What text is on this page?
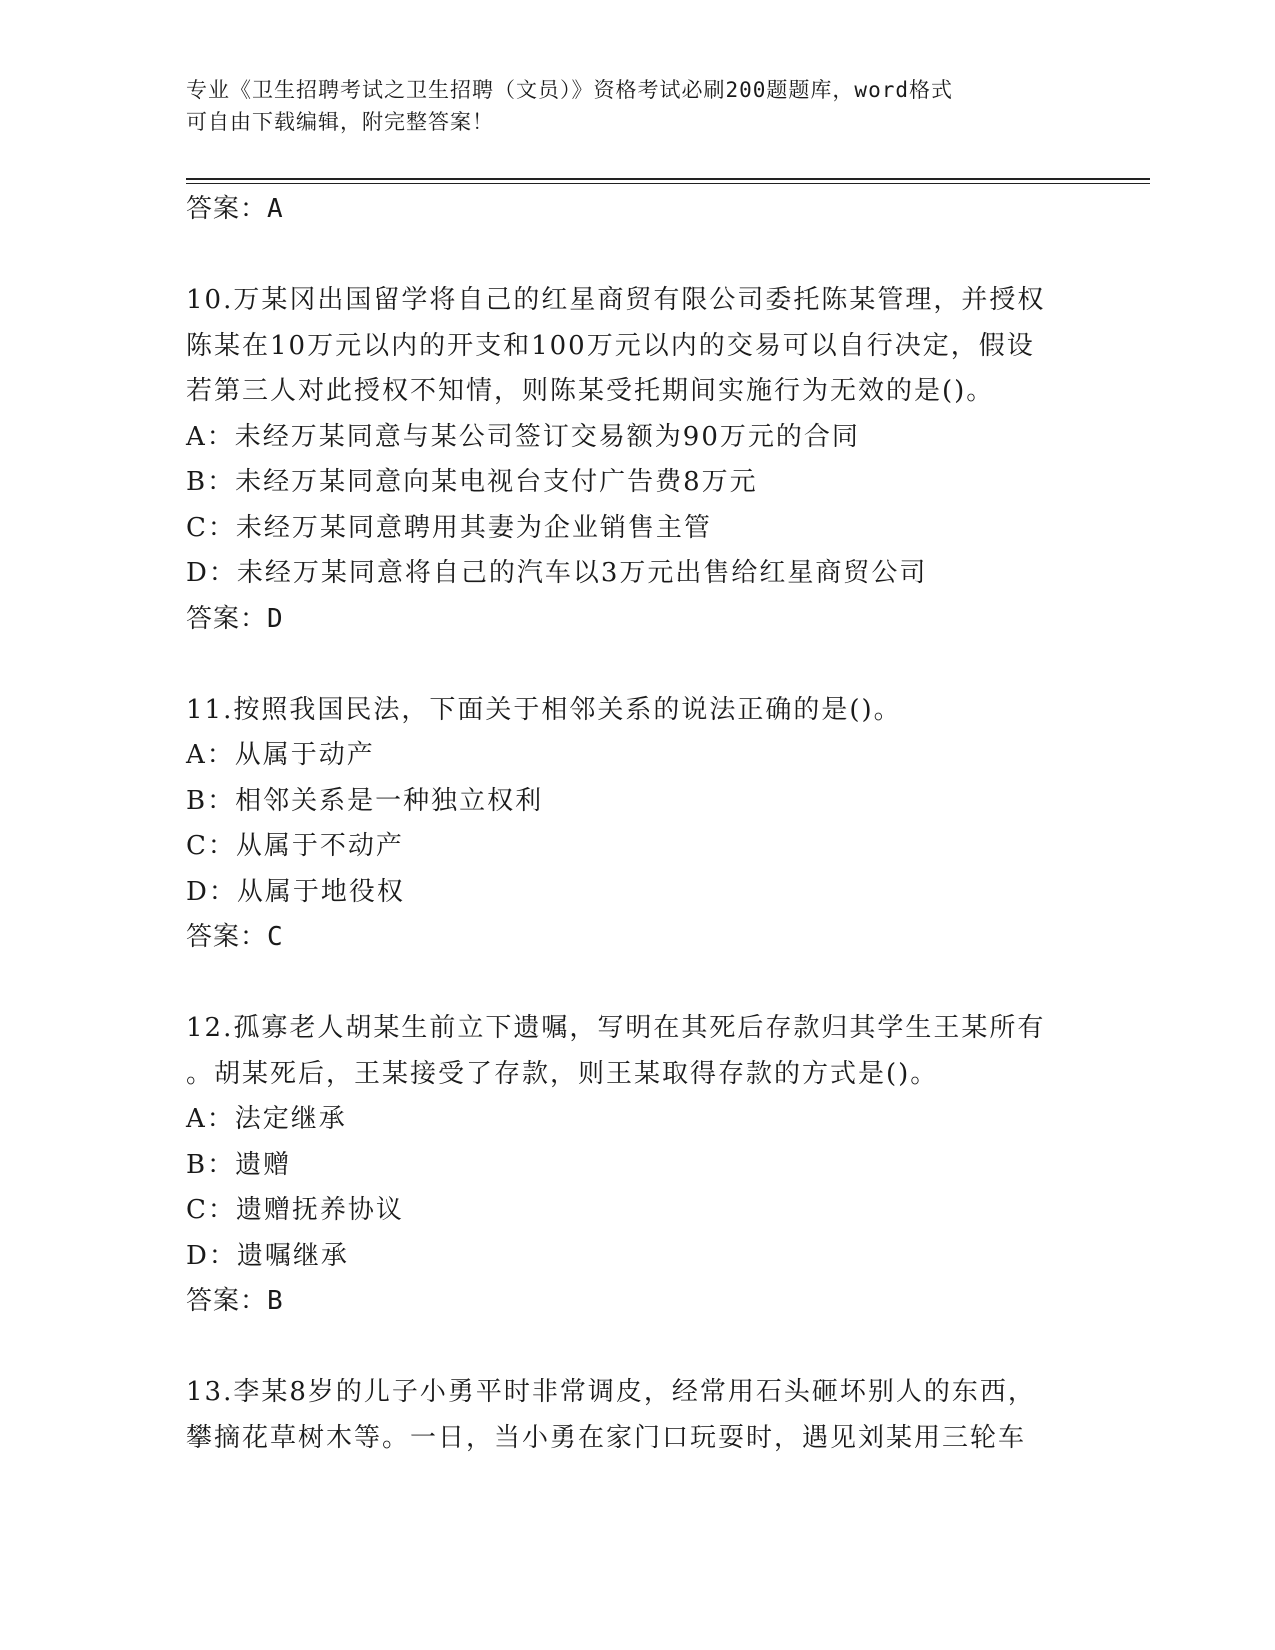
专业《卫生招聘考试之卫生招聘（文员）》资格考试必刷200题题库，word格式
可自由下载编辑，附完整答案！
答案：A
10.万某冈出国留学将自己的红星商贸有限公司委托陈某管理，并授权
陈某在10万元以内的开支和100万元以内的交易可以自行决定，假设
若第三人对此授权不知情，则陈某受托期间实施行为无效的是()。
A：未经万某同意与某公司签订交易额为90万元的合同
B：未经万某同意向某电视台支付广告费8万元
C：未经万某同意聘用其妻为企业销售主管
D：未经万某同意将自己的汽车以3万元出售给红星商贸公司
答案：D
11.按照我国民法，下面关于相邻关系的说法正确的是()。
A：从属于动产
B：相邻关系是一种独立权利
C：从属于不动产
D：从属于地役权
答案：C
12.孤寡老人胡某生前立下遗嘱，写明在其死后存款归其学生王某所有
。胡某死后，王某接受了存款，则王某取得存款的方式是()。
A：法定继承
B：遗赠
C：遗赠抚养协议
D：遗嘱继承
答案：B
13.李某8岁的儿子小勇平时非常调皮，经常用石头砸坏别人的东西，
攀摘花草树木等。一日，当小勇在家门口玩耍时，遇见刘某用三轮车
